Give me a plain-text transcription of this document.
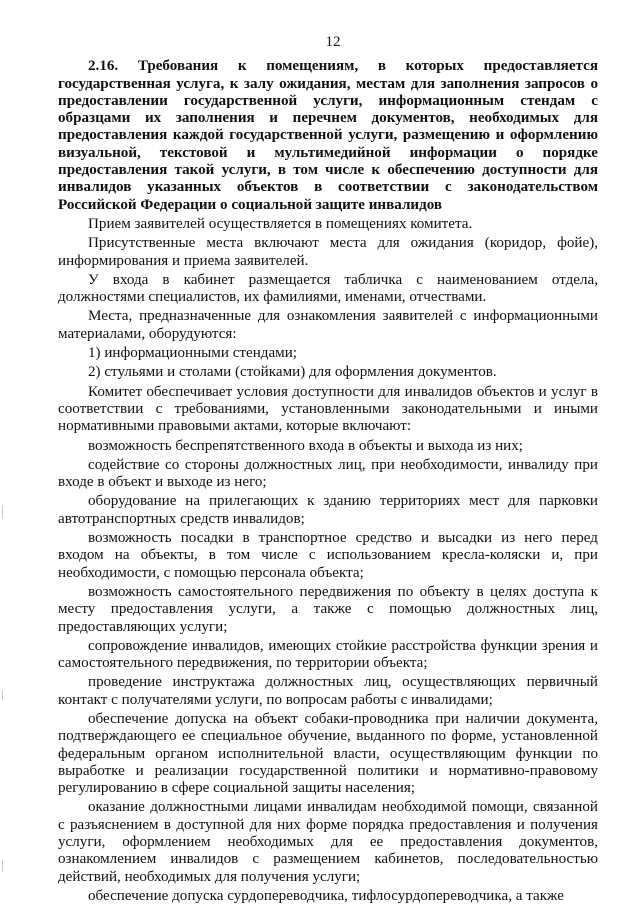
12

2.16. Требования к помещениям, в которых предоставляется государственная услуга, к залу ожидания, местам для заполнения запросов о предоставлении государственной услуги, информационным стендам с образцами их заполнения и перечнем документов, необходимых для предоставления каждой государственной услуги, размещению и оформлению визуальной, текстовой и мультимедийной информации о порядке предоставления такой услуги, в том числе к обеспечению доступности для инвалидов указанных объектов в соответствии с законодательством Российской Федерации о социальной защите инвалидов

Прием заявителей осуществляется в помещениях комитета.

Присутственные места включают места для ожидания (коридор, фойе), информирования и приема заявителей.

У входа в кабинет размещается табличка с наименованием отдела, должностями специалистов, их фамилиями, именами, отчествами.

Места, предназначенные для ознакомления заявителей с информационными материалами, оборудуются:

1) информационными стендами;

2) стульями и столами (стойками) для оформления документов.

Комитет обеспечивает условия доступности для инвалидов объектов и услуг в соответствии с требованиями, установленными законодательными и иными нормативными правовыми актами, которые включают:

возможность беспрепятственного входа в объекты и выхода из них;

содействие со стороны должностных лиц, при необходимости, инвалиду при входе в объект и выходе из него;

оборудование на прилегающих к зданию территориях мест для парковки автотранспортных средств инвалидов;

возможность посадки в транспортное средство и высадки из него перед входом на объекты, в том числе с использованием кресла-коляски и, при необходимости, с помощью персонала объекта;

возможность самостоятельного передвижения по объекту в целях доступа к месту предоставления услуги, а также с помощью должностных лиц, предоставляющих услуги;

сопровождение инвалидов, имеющих стойкие расстройства функции зрения и самостоятельного передвижения, по территории объекта;

проведение инструктажа должностных лиц, осуществляющих первичный контакт с получателями услуги, по вопросам работы с инвалидами;

обеспечение допуска на объект собаки-проводника при наличии документа, подтверждающего ее специальное обучение, выданного по форме, установленной федеральным органом исполнительной власти, осуществляющим функции по выработке и реализации государственной политики и нормативно-правовому регулированию в сфере социальной защиты населения;

оказание должностными лицами инвалидам необходимой помощи, связанной с разъяснением в доступной для них форме порядка предоставления и получения услуги, оформлением необходимых для ее предоставления документов, ознакомлением инвалидов с размещением кабинетов, последовательностью действий, необходимых для получения услуги;

обеспечение допуска сурдопереводчика, тифлосурдопереводчика, а также
